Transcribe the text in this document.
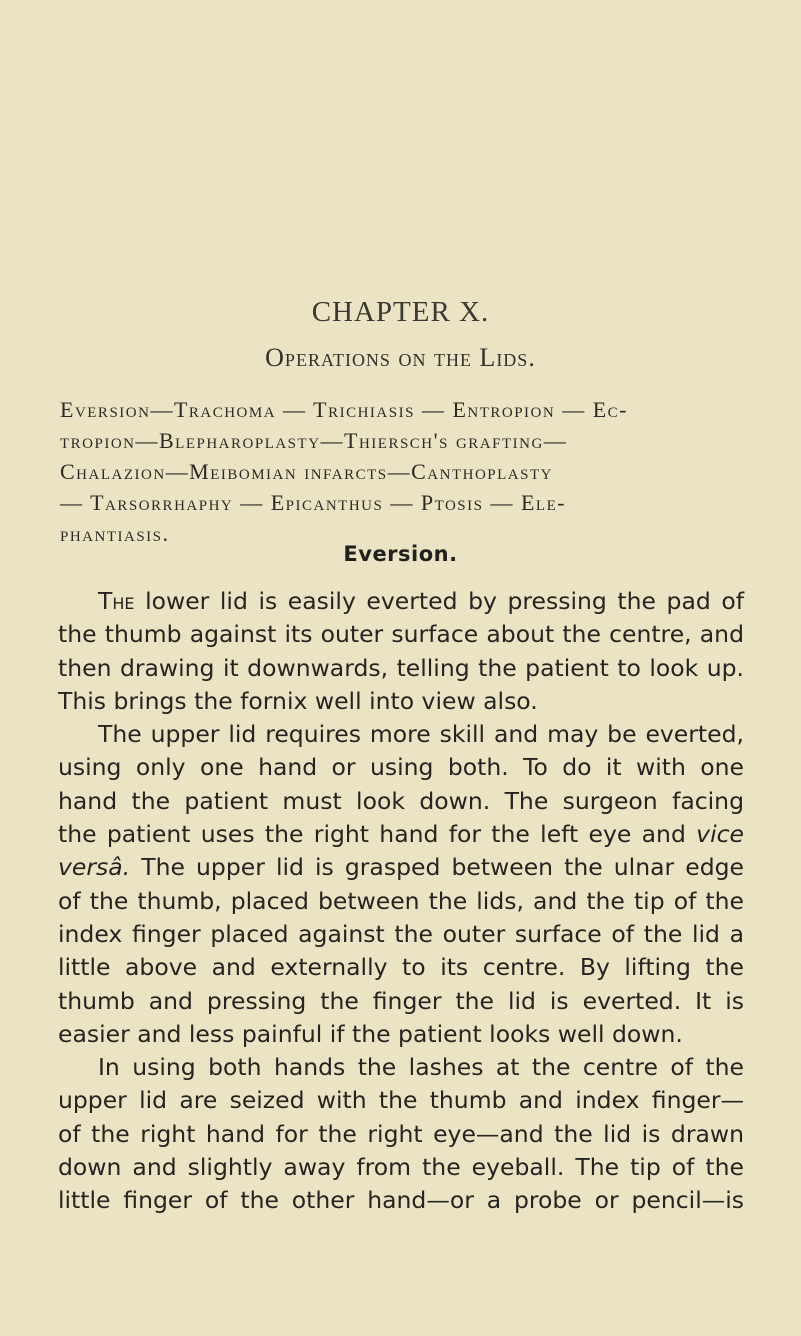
CHAPTER X.
Operations on the Lids.
Eversion—Trachoma — Trichiasis — Entropion — Ec-
tropion—Blepharoplasty—Thiersch's grafting—
Chalazion—Meibomian infarcts—Canthoplasty
— Tarsorrhaphy — Epicanthus — Ptosis — Ele-
phantiasis.
Eversion.
The lower lid is easily everted by pressing the pad of
the thumb against its outer surface about the centre, and
then drawing it downwards, telling the patient to look up.
This brings the fornix well into view also.
The upper lid requires more skill and may be everted,
using only one hand or using both. To do it with one
hand the patient must look down. The surgeon facing
the patient uses the right hand for the left eye and vice
versâ. The upper lid is grasped between the ulnar edge
of the thumb, placed between the lids, and the tip of the
index finger placed against the outer surface of the lid a
little above and externally to its centre. By lifting the
thumb and pressing the finger the lid is everted. It is
easier and less painful if the patient looks well down.
In using both hands the lashes at the centre of the
upper lid are seized with the thumb and index finger—
of the right hand for the right eye—and the lid is drawn
down and slightly away from the eyeball. The tip of the
little finger of the other hand—or a probe or pencil—is
